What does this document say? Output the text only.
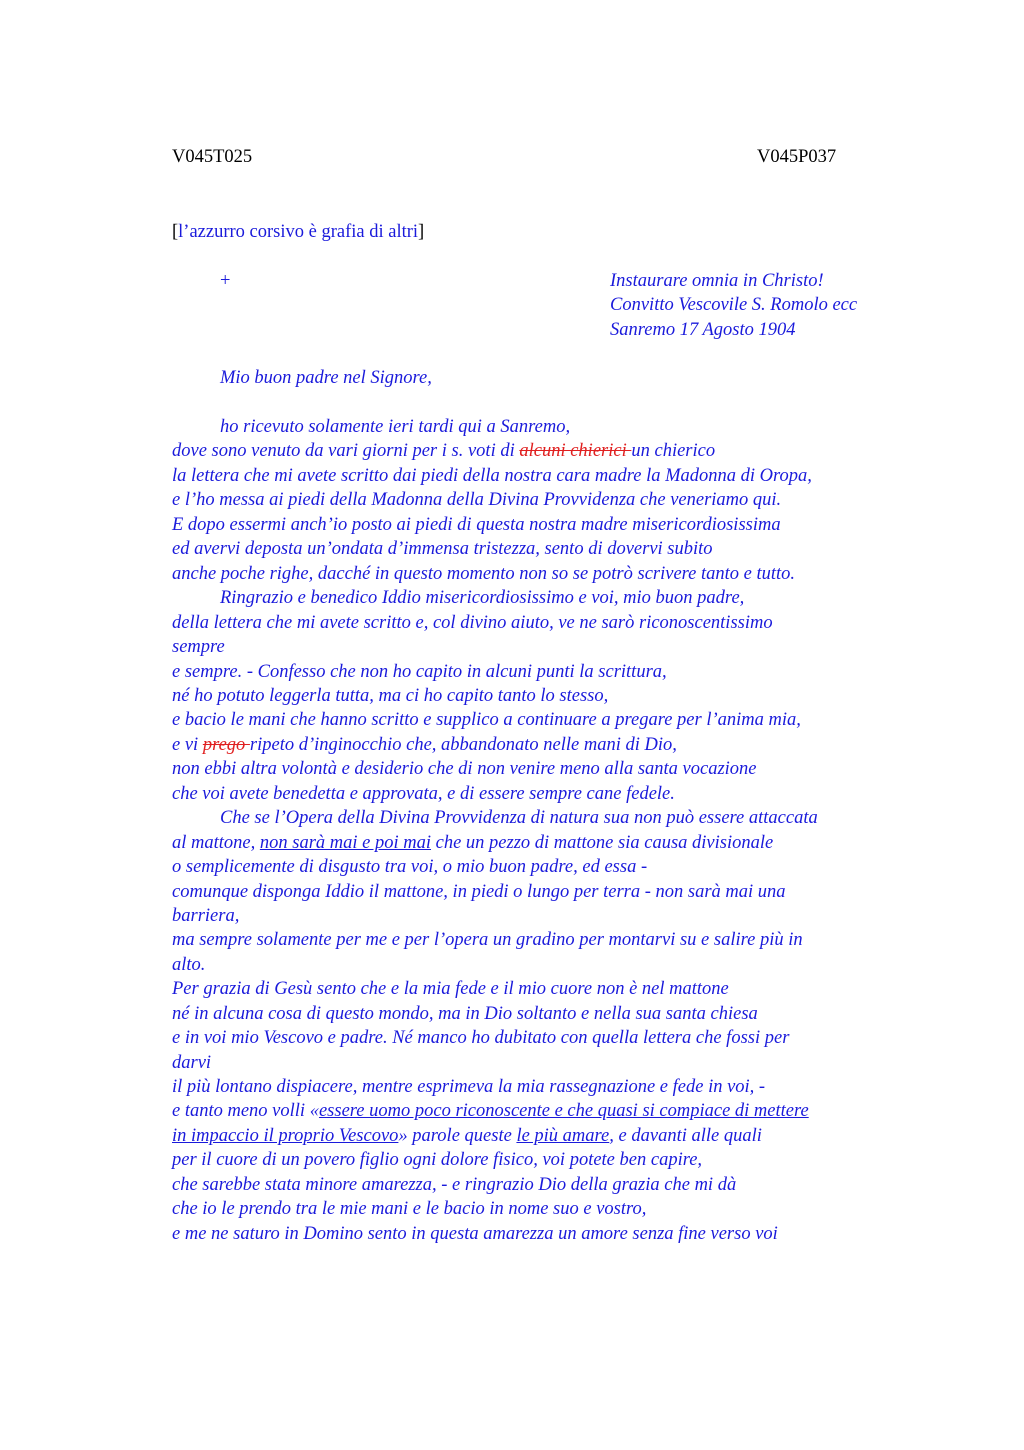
V045T025	V045P037
[l’azzurro corsivo è grafia di altri]
+	Instaurare omnia in Christo!
Convitto Vescovile S. Romolo ecc
Sanremo 17 Agosto 1904
Mio buon padre nel Signore,
ho ricevuto solamente ieri tardi qui a Sanremo,
dove sono venuto da vari giorni per i s. voti di alcuni chierici un chierico
la lettera che mi avete scritto dai piedi della nostra cara madre la Madonna di Oropa,
e l’ho messa ai piedi della Madonna della Divina Provvidenza che veneriamo qui.
E dopo essermi anch’io posto ai piedi di questa nostra madre misericordiosissima
ed avervi deposta un’ondata d’immensa tristezza, sento di dovervi subito
anche poche righe, dacché in questo momento non so se potrò scrivere tanto e tutto.
Ringrazio e benedico Iddio misericordiosissimo e voi, mio buon padre,
della lettera che mi avete scritto e, col divino aiuto, ve ne sarò riconoscentissimo
sempre
e sempre. - Confesso che non ho capito in alcuni punti la scrittura,
né ho potuto leggerla tutta, ma ci ho capito tanto lo stesso,
e bacio le mani che hanno scritto e supplico a continuare a pregare per l’anima mia,
e vi prego ripeto d’inginocchio che, abbandonato nelle mani di Dio,
non ebbi altra volontà e desiderio che di non venire meno alla santa vocazione
che voi avete benedetta e approvata, e di essere sempre cane fedele.
Che se l’Opera della Divina Provvidenza di natura sua non può essere attaccata
al mattone, non sarà mai e poi mai che un pezzo di mattone sia causa divisionale
o semplicemente di disgusto tra voi, o mio buon padre, ed essa -
comunque disponga Iddio il mattone, in piedi o lungo per terra - non sarà mai una
barriera,
ma sempre solamente per me e per l’opera un gradino per montarvi su e salire più in
alto.
Per grazia di Gesù sento che e la mia fede e il mio cuore non è nel mattone
né in alcuna cosa di questo mondo, ma in Dio soltanto e nella sua santa chiesa
e in voi mio Vescovo e padre. Né manco ho dubitato con quella lettera che fossi per
darvi
il più lontano dispiacere, mentre esprimeva la mia rassegnazione e fede in voi, -
e tanto meno volli «essere uomo poco riconoscente e che quasi si compiace di mettere
in impaccio il proprio Vescovo» parole queste le più amare, e davanti alle quali
per il cuore di un povero figlio ogni dolore fisico, voi potete ben capire,
che sarebbe stata minore amarezza, - e ringrazio Dio della grazia che mi dà
che io le prendo tra le mie mani e le bacio in nome suo e vostro,
e me ne saturo in Domino sento in questa amarezza un amore senza fine verso voi
